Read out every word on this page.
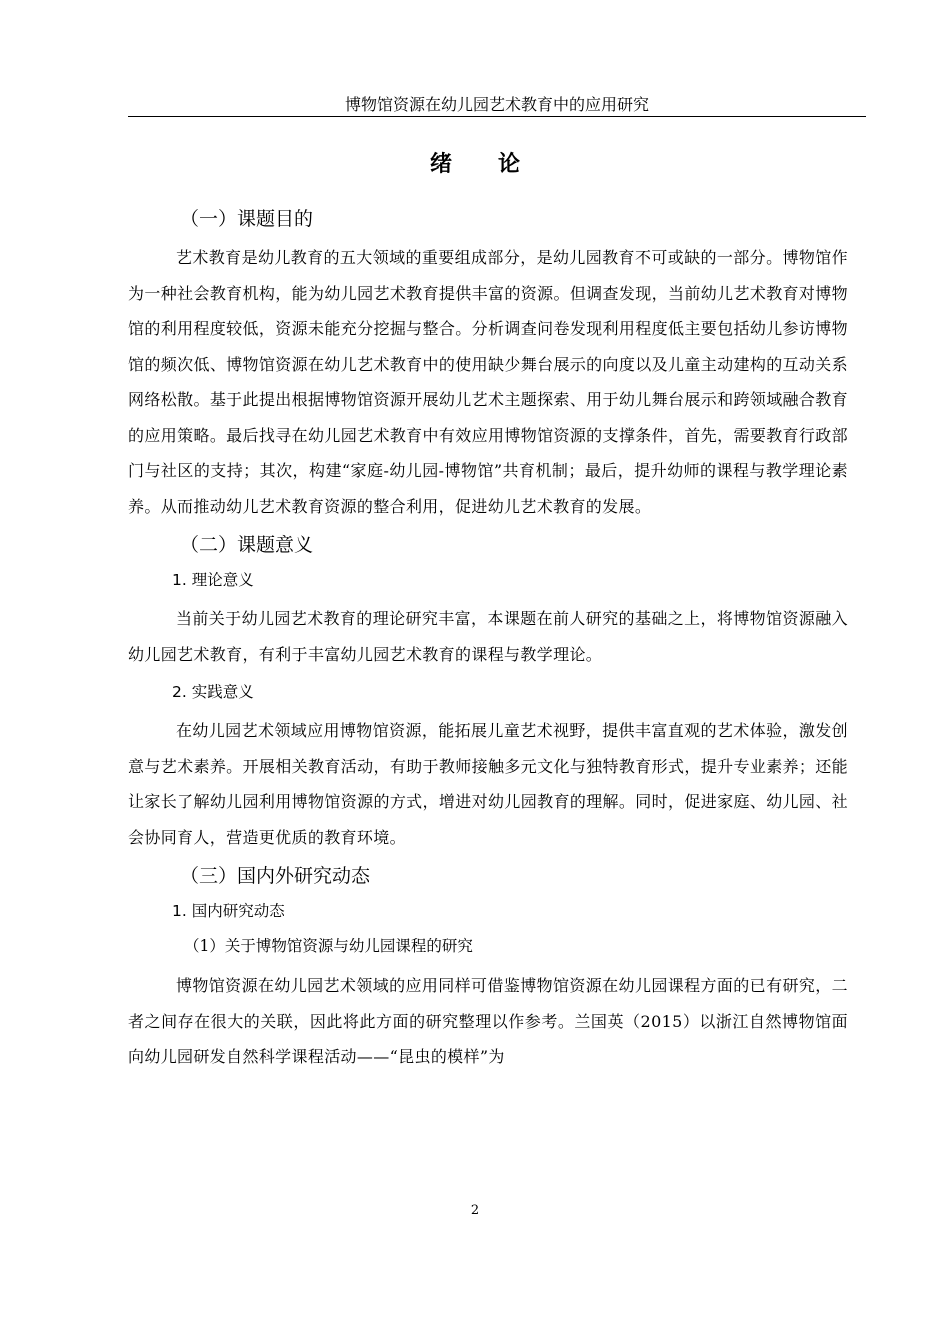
博物馆资源在幼儿园艺术教育中的应用研究
绪 论
（一）课题目的

艺术教育是幼儿教育的五大领域的重要组成部分，是幼儿园教育不可或缺的一部分。博物馆作为一种社会教育机构，能为幼儿园艺术教育提供丰富的资源。但调查发现，当前幼儿艺术教育对博物馆的利用程度较低，资源未能充分挖掘与整合。分析调查问卷发现利用程度低主要包括幼儿参访博物馆的频次低、博物馆资源在幼儿艺术教育中的使用缺少舞台展示的向度以及儿童主动建构的互动关系网络松散。基于此提出根据博物馆资源开展幼儿艺术主题探索、用于幼儿舞台展示和跨领域融合教育的应用策略。最后找寻在幼儿园艺术教育中有效应用博物馆资源的支撑条件，首先，需要教育行政部门与社区的支持；其次，构建“家庭-幼儿园-博物馆”共育机制；最后，提升幼师的课程与教学理论素养。从而推动幼儿艺术教育资源的整合利用，促进幼儿艺术教育的发展。

（二）课题意义
1. 理论意义

当前关于幼儿园艺术教育的理论研究丰富，本课题在前人研究的基础之上，将博物馆资源融入幼儿园艺术教育，有利于丰富幼儿园艺术教育的课程与教学理论。

2. 实践意义

在幼儿园艺术领域应用博物馆资源，能拓展儿童艺术视野，提供丰富直观的艺术体验，激发创意与艺术素养。开展相关教育活动，有助于教师接触多元文化与独特教育形式，提升专业素养；还能让家长了解幼儿园利用博物馆资源的方式，增进对幼儿园教育的理解。同时，促进家庭、幼儿园、社会协同育人，营造更优质的教育环境。

（三）国内外研究动态
1. 国内研究动态
（1）关于博物馆资源与幼儿园课程的研究

博物馆资源在幼儿园艺术领域的应用同样可借鉴博物馆资源在幼儿园课程方面的已有研究，二者之间存在很大的关联，因此将此方面的研究整理以作参考。兰国英（2015）以浙江自然博物馆面向幼儿园研发自然科学课程活动——“昆虫的模样”为

2
